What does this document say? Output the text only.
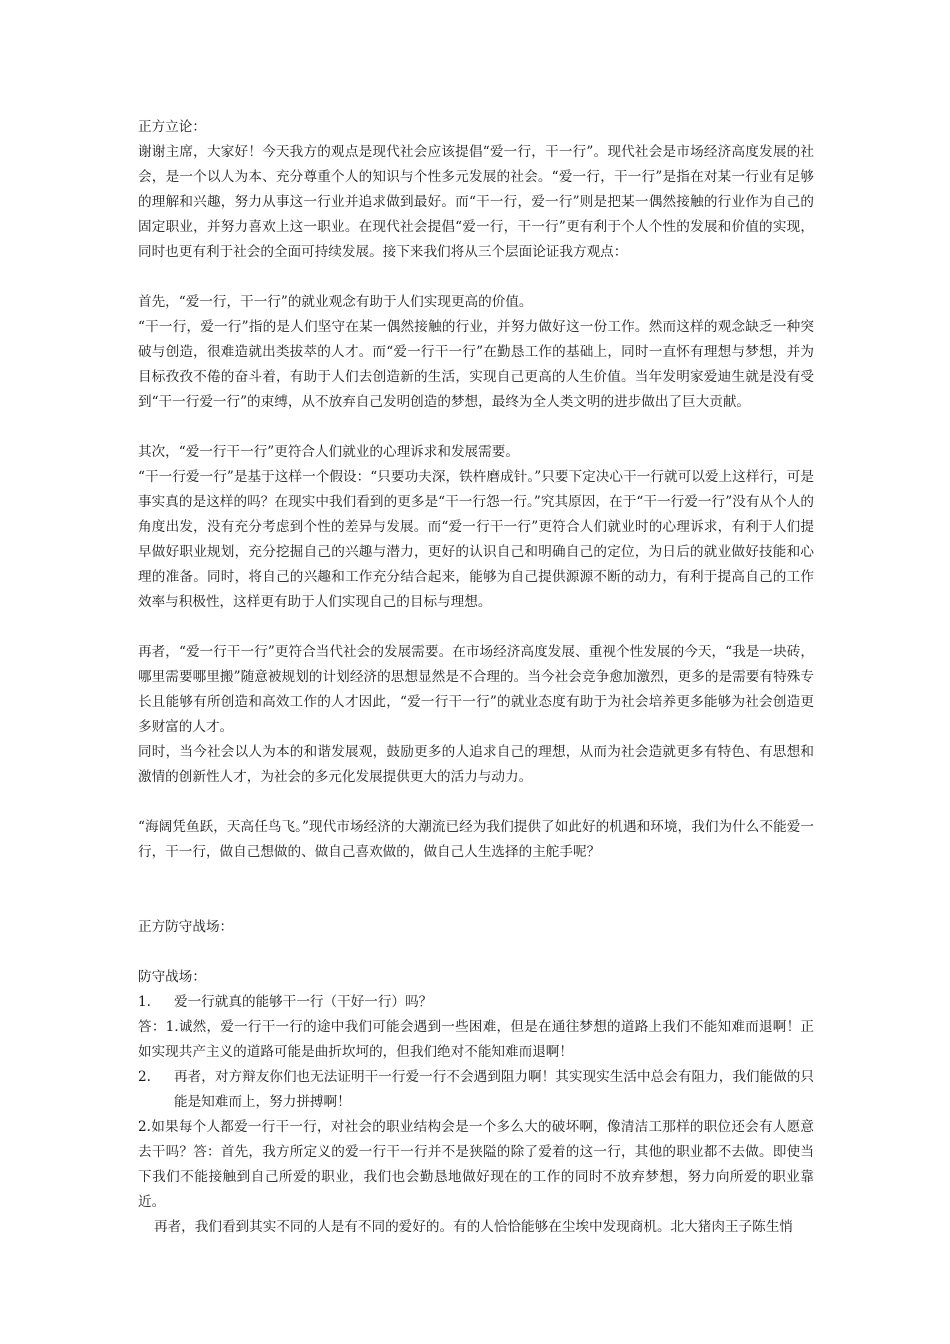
正方立论：

谢谢主席，大家好！今天我方的观点是现代社会应该提倡“爱一行，干一行”。现代社会是市场经济高度发展的社会，是一个以人为本、充分尊重个人的知识与个性多元发展的社会。“爱一行，干一行”是指在对某一行业有足够的理解和兴趣，努力从事这一行业并追求做到最好。而“干一行，爱一行”则是把某一偶然接触的行业作为自己的固定职业，并努力喜欢上这一职业。在现代社会提倡“爱一行，干一行”更有利于个人个性的发展和价值的实现，同时也更有利于社会的全面可持续发展。接下来我们将从三个层面论证我方观点：

首先，“爱一行，干一行”的就业观念有助于人们实现更高的价值。

“干一行，爱一行”指的是人们坚守在某一偶然接触的行业，并努力做好这一份工作。然而这样的观念缺乏一种突破与创造，很难造就出类拔萃的人才。而“爱一行干一行”在勤恳工作的基础上，同时一直怀有理想与梦想，并为目标孜孜不倦的奋斗着，有助于人们去创造新的生活，实现自己更高的人生价值。当年发明家爱迪生就是没有受到“干一行爱一行”的束缚，从不放弃自己发明创造的梦想，最终为全人类文明的进步做出了巨大贡献。

其次，“爱一行干一行”更符合人们就业的心理诉求和发展需要。

“干一行爱一行”是基于这样一个假设：“只要功夫深，铁杵磨成针。”只要下定决心干一行就可以爱上这样行，可是事实真的是这样的吗？在现实中我们看到的更多是“干一行怨一行。”究其原因，在于“干一行爱一行”没有从个人的角度出发，没有充分考虑到个性的差异与发展。而“爱一行干一行”更符合人们就业时的心理诉求，有利于人们提早做好职业规划，充分挖掘自己的兴趣与潜力，更好的认识自己和明确自己的定位，为日后的就业做好技能和心理的准备。同时，将自己的兴趣和工作充分结合起来，能够为自己提供源源不断的动力，有利于提高自己的工作效率与积极性，这样更有助于人们实现自己的目标与理想。

再者，“爱一行干一行”更符合当代社会的发展需要。在市场经济高度发展、重视个性发展的今天，“我是一块砖，哪里需要哪里搬”随意被规划的计划经济的思想显然是不合理的。当今社会竞争愈加激烈，更多的是需要有特殊专长且能够有所创造和高效工作的人才因此，“爱一行干一行”的就业态度有助于为社会培养更多能够为社会创造更多财富的人才。

同时，当今社会以人为本的和谐发展观，鼓励更多的人追求自己的理想，从而为社会造就更多有特色、有思想和激情的创新性人才，为社会的多元化发展提供更大的活力与动力。

“海阔凭鱼跃，天高任鸟飞。”现代市场经济的大潮流已经为我们提供了如此好的机遇和环境，我们为什么不能爱一行，干一行，做自己想做的、做自己喜欢做的，做自己人生选择的主舵手呢？

正方防守战场：

防守战场：

1.	爱一行就真的能够干一行（干好一行）吗？

答：1.诚然，爱一行干一行的途中我们可能会遇到一些困难，但是在通往梦想的道路上我们不能知难而退啊！正如实现共产主义的道路可能是曲折坎坷的，但我们绝对不能知难而退啊！

2.	再者，对方辩友你们也无法证明干一行爱一行不会遇到阻力啊！其实现实生活中总会有阻力，我们能做的只能是知难而上，努力拼搏啊！

2.如果每个人都爱一行干一行，对社会的职业结构会是一个多么大的破坏啊，像清洁工那样的职位还会有人愿意去干吗？答：首先，我方所定义的爱一行干一行并不是狭隘的除了爱着的这一行，其他的职业都不去做。即使当下我们不能接触到自己所爱的职业，我们也会勤恳地做好现在的工作的同时不放弃梦想，努力向所爱的职业靠近。

再者，我们看到其实不同的人是有不同的爱好的。有的人恰恰能够在尘埃中发现商机。北大猪肉王子陈生悄
